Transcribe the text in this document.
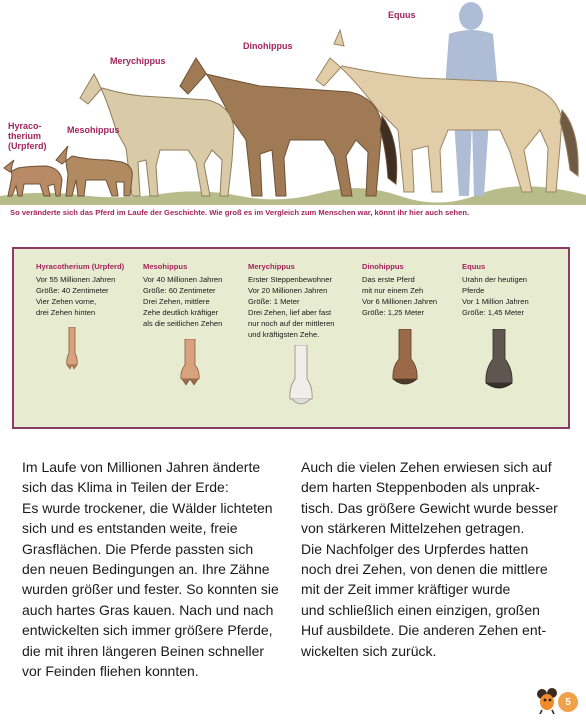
Hyraco-
therium
(Urpferd)
Mesohippus
Merychippus
Dinohippus
Equus
So veränderte sich das Pferd im Laufe der Geschichte. Wie groß es im Vergleich zum Menschen war, könnt ihr hier auch sehen.
Hyracotherium (Urpferd)
Vor 55 Millionen Jahren
Größe: 40 Zentimeter
Vier Zehen vorne,
drei Zehen hinten
Mesohippus
Vor 40 Millionen Jahren
Größe: 60 Zentimeter
Drei Zehen, mittlere
Zehe deutlich kräftiger
als die seitlichen Zehen
Merychippus
Erster Steppenbewohner
Vor 20 Millionen Jahren
Größe: 1 Meter
Drei Zehen, lief aber fast
nur noch auf der mittleren
und kräftigsten Zehe.
Dinohippus
Das erste Pferd
mit nur einem Zeh
Vor 6 Millionen Jahren
Größe: 1,25 Meter
Equus
Urahn der heutigen
Pferde
Vor 1 Million Jahren
Größe: 1,45 Meter
Im Laufe von Millionen Jahren änderte
sich das Klima in Teilen der Erde:
Es wurde trockener, die Wälder lichteten
sich und es entstanden weite, freie
Grasflächen. Die Pferde passten sich
den neuen Bedingungen an. Ihre Zähne
wurden größer und fester. So konnten sie
auch hartes Gras kauen. Nach und nach
entwickelten sich immer größere Pferde,
die mit ihren längeren Beinen schneller
vor Feinden fliehen konnten.
Auch die vielen Zehen erwiesen sich auf
dem harten Steppenboden als unprak-
tisch. Das größere Gewicht wurde besser
von stärkeren Mittelzehen getragen.
Die Nachfolger des Urpferdes hatten
noch drei Zehen, von denen die mittlere
mit der Zeit immer kräftiger wurde
und schließlich einen einzigen, großen
Huf ausbildete. Die anderen Zehen ent-
wickelten sich zurück.
5
